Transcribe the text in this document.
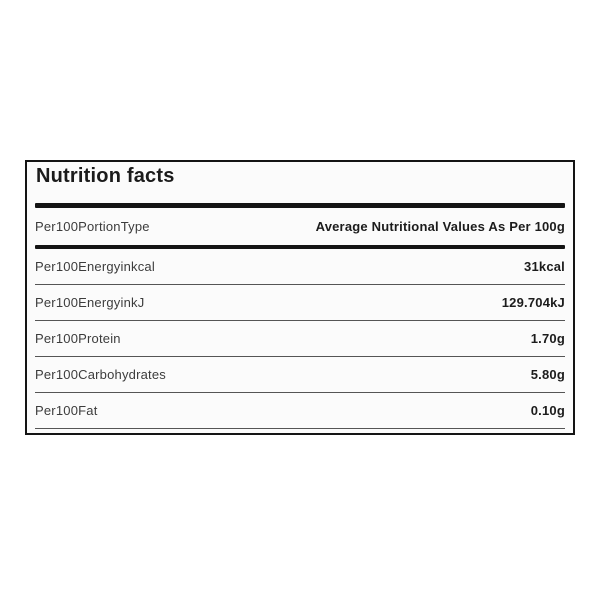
Nutrition facts
Per100PortionType	Average Nutritional Values As Per 100g
Per100Energyinkcal	31kcal
Per100EnergyinkJ	129.704kJ
Per100Protein	1.70g
Per100Carbohydrates	5.80g
Per100Fat	0.10g
